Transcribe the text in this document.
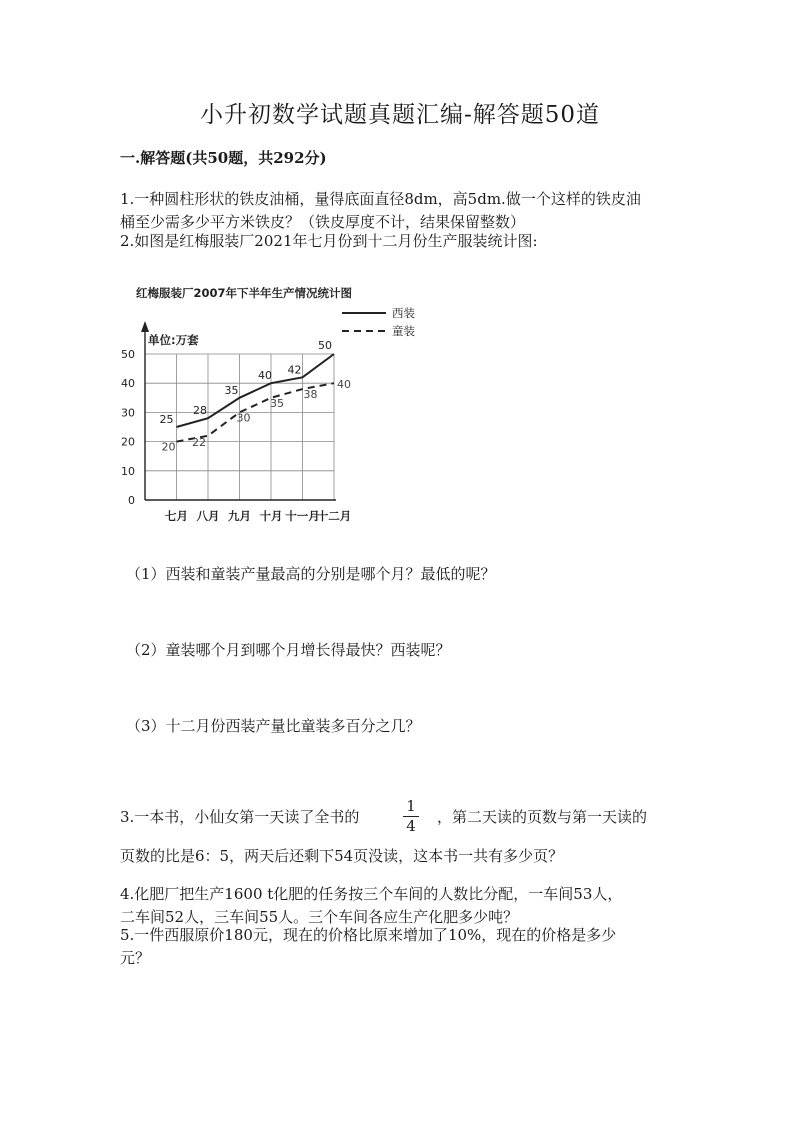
小升初数学试题真题汇编-解答题50道
一.解答题(共50题，共292分)
1.一种圆柱形状的铁皮油桶，量得底面直径8dm，高5dm.做一个这样的铁皮油
桶至少需多少平方米铁皮？（铁皮厚度不计，结果保留整数）
2.如图是红梅服装厂2021年七月份到十二月份生产服装统计图:
红梅服装厂2007年下半年生产情况统计图
西装
童装
单位:万套
0
10
20
30
40
50
七月 八月 九月 十月 十一月
十二月
25
28
35
40 42
50
20 22
30
35
38
40
（1）西装和童装产量最高的分别是哪个月？最低的呢？
（2）童装哪个月到哪个月增长得最快？西装呢？
（3）十二月份西装产量比童装多百分之几？
3.一本书，小仙女第一天读了全书的
1
4	，第二天读的页数与第一天读的
页数的比是6：5，两天后还剩下54页没读，这本书一共有多少页？
4.化肥厂把生产1600 t化肥的任务按三个车间的人数比分配，一车间53人，
二车间52人，三车间55人。三个车间各应生产化肥多少吨？
5.一件西服原价180元，现在的价格比原来增加了10%，现在的价格是多少
元？
